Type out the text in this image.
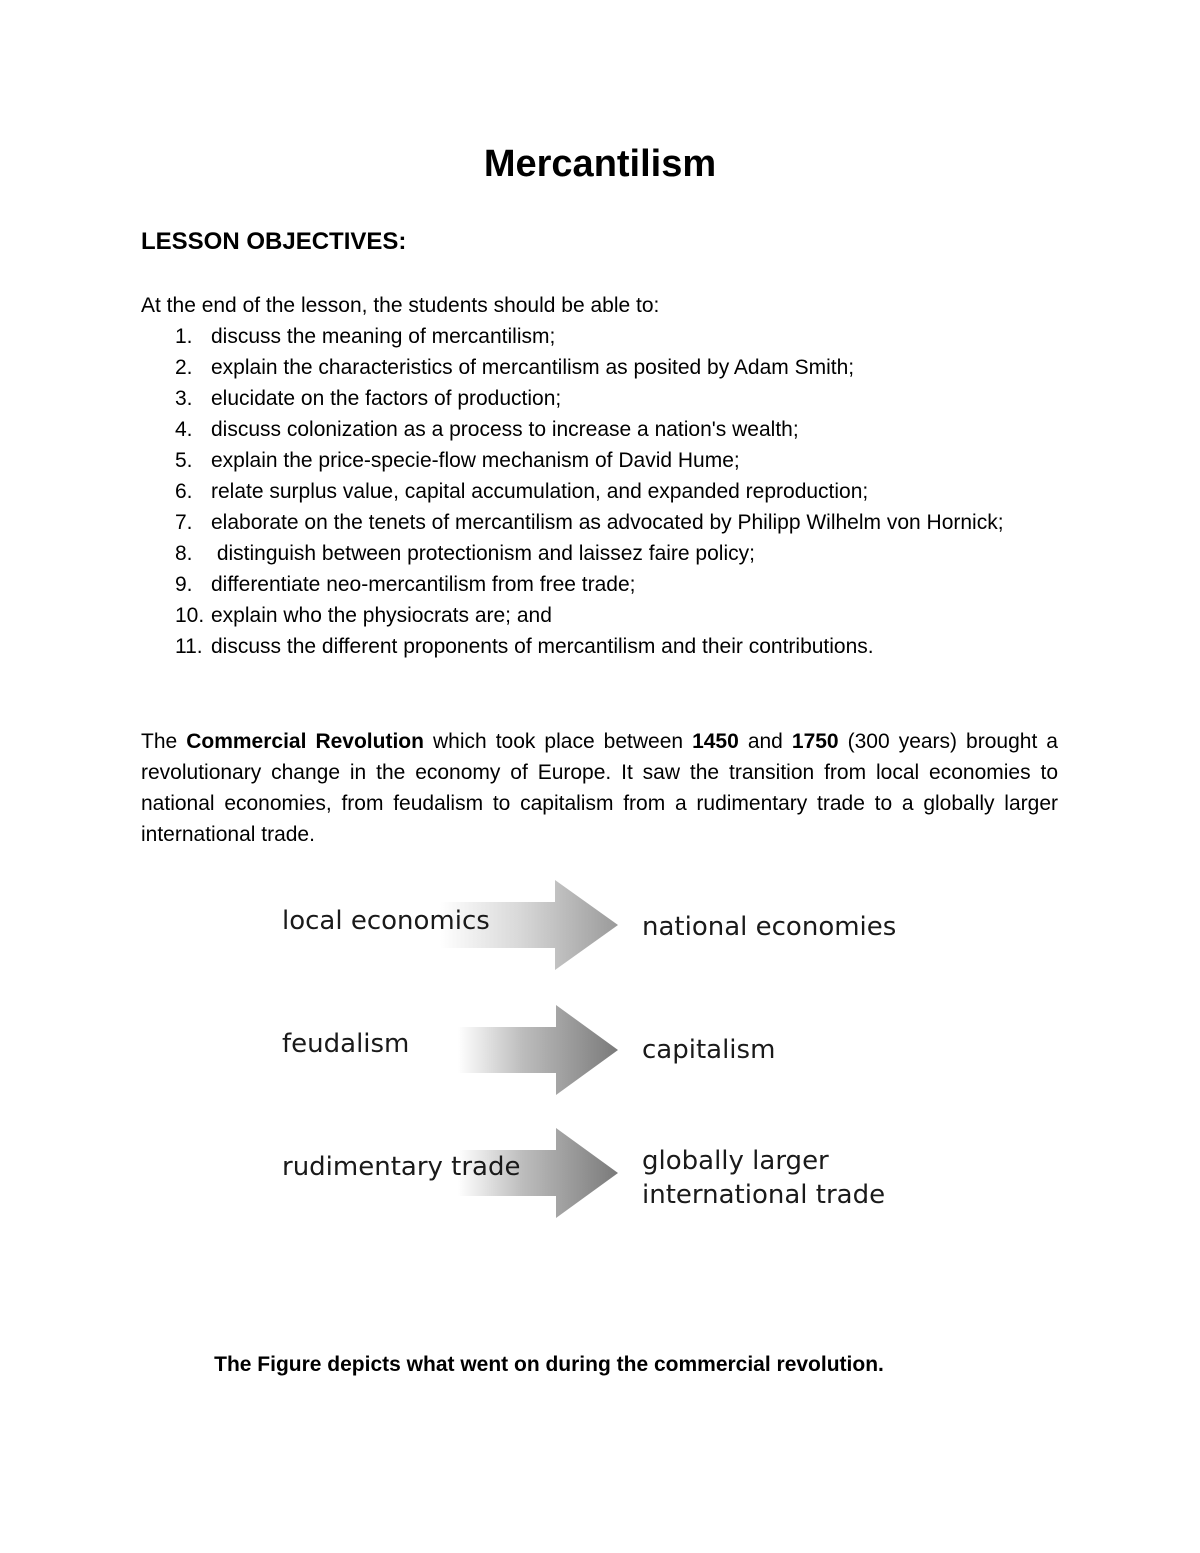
Mercantilism
LESSON OBJECTIVES:
At the end of the lesson, the students should be able to:
1. discuss the meaning of mercantilism;
2. explain the characteristics of mercantilism as posited by Adam Smith;
3. elucidate on the factors of production;
4. discuss colonization as a process to increase a nation's wealth;
5. explain the price-specie-flow mechanism of David Hume;
6. relate surplus value, capital accumulation, and expanded reproduction;
7. elaborate on the tenets of mercantilism as advocated by Philipp Wilhelm von Hornick;
8. distinguish between protectionism and laissez faire policy;
9. differentiate neo-mercantilism from free trade;
10. explain who the physiocrats are; and
11. discuss the different proponents of mercantilism and their contributions.

The Commercial Revolution which took place between 1450 and 1750 (300 years) brought a revolutionary change in the economy of Europe. It saw the transition from local economies to national economies, from feudalism to capitalism from a rudimentary trade to a globally larger international trade.

local economics	national economies
feudalism	capitalism
rudimentary trade	globally larger
international trade
The Figure depicts what went on during the commercial revolution.
